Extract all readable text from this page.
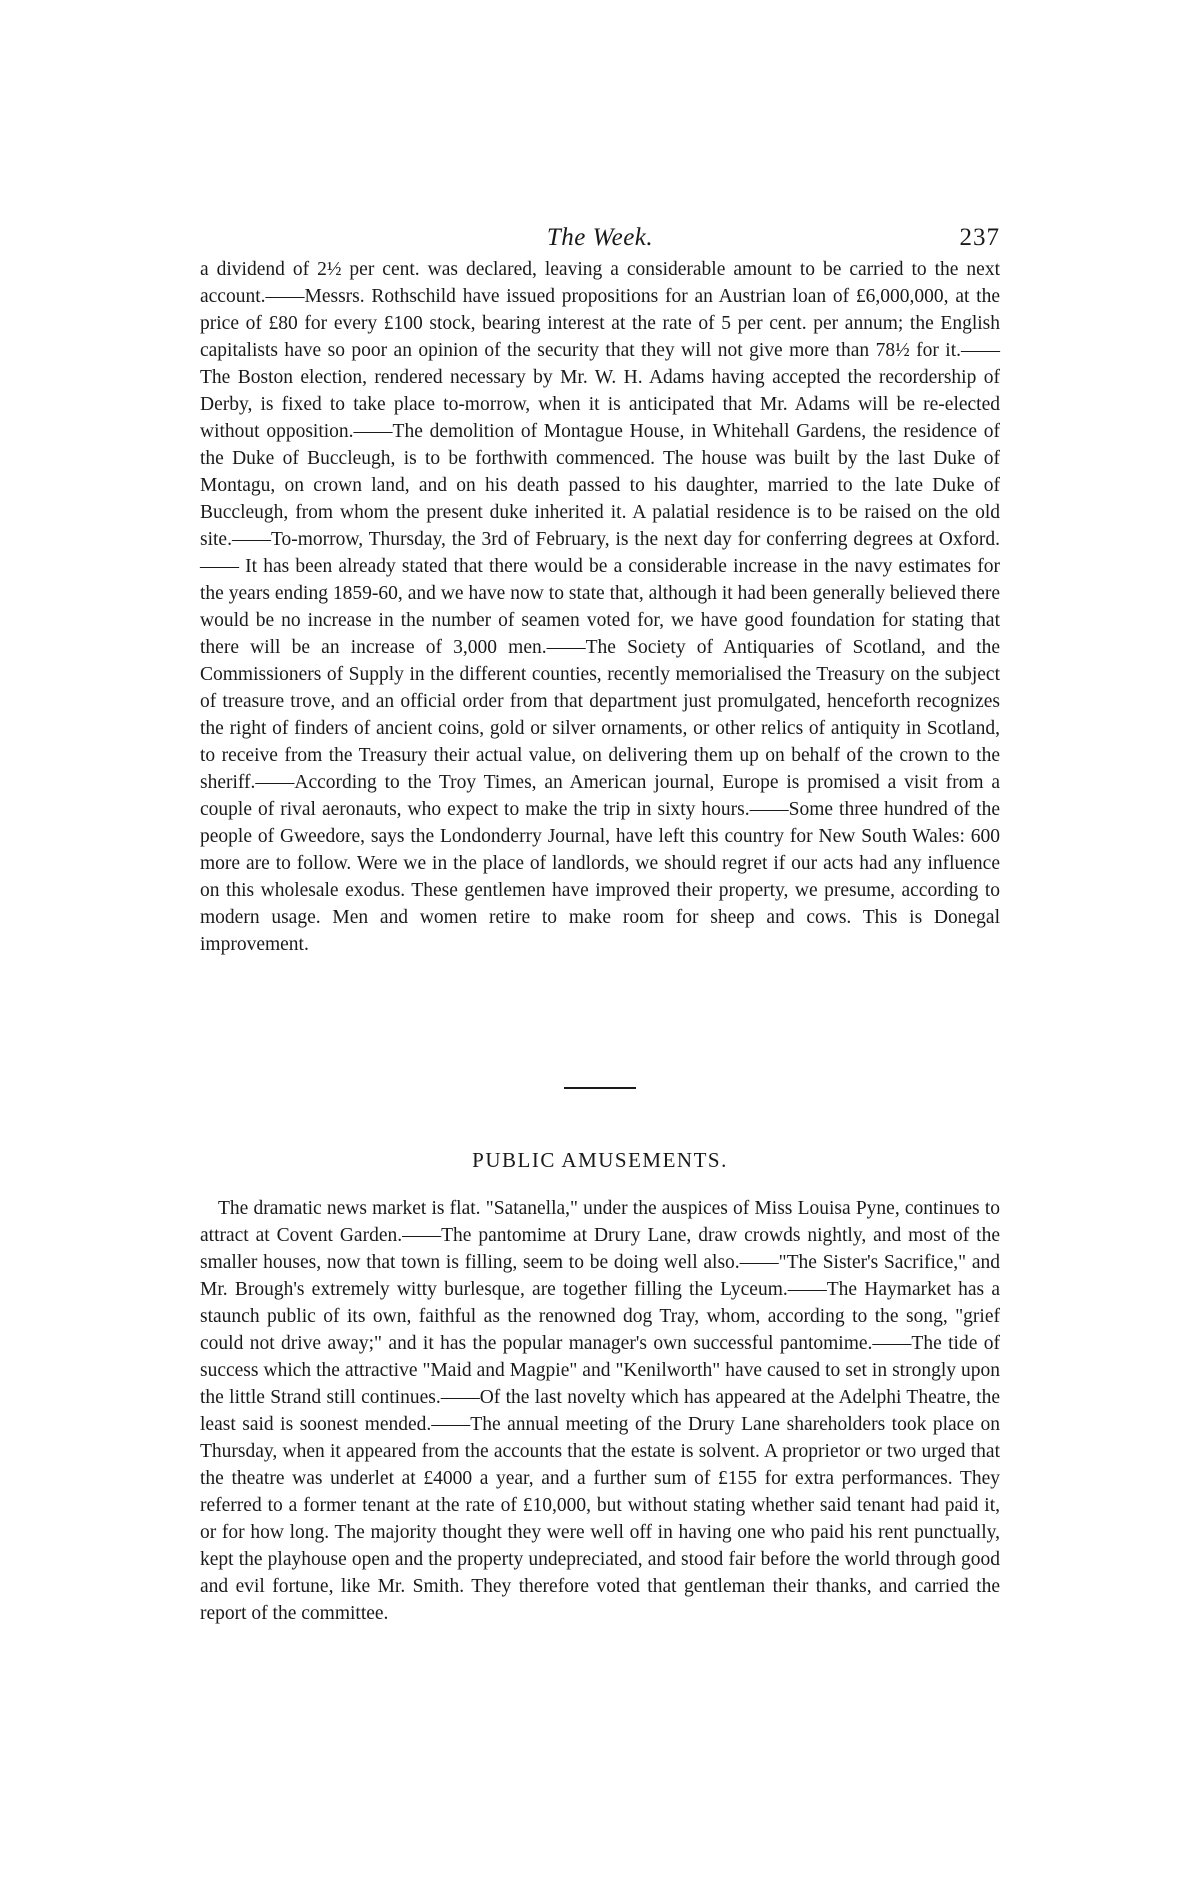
The Week.	237

a dividend of 2½ per cent. was declared, leaving a considerable amount to be carried to the next account.——Messrs. Rothschild have issued propositions for an Austrian loan of £6,000,000, at the price of £80 for every £100 stock, bearing interest at the rate of 5 per cent. per annum; the English capitalists have so poor an opinion of the security that they will not give more than 78½ for it.——The Boston election, rendered necessary by Mr. W. H. Adams having accepted the recordership of Derby, is fixed to take place to-morrow, when it is anticipated that Mr. Adams will be re-elected without opposition.——The demolition of Montague House, in Whitehall Gardens, the residence of the Duke of Buccleugh, is to be forthwith commenced. The house was built by the last Duke of Montagu, on crown land, and on his death passed to his daughter, married to the late Duke of Buccleugh, from whom the present duke inherited it. A palatial residence is to be raised on the old site.——To-morrow, Thursday, the 3rd of February, is the next day for conferring degrees at Oxford.—— It has been already stated that there would be a considerable increase in the navy estimates for the years ending 1859-60, and we have now to state that, although it had been generally believed there would be no increase in the number of seamen voted for, we have good foundation for stating that there will be an increase of 3,000 men.——The Society of Antiquaries of Scotland, and the Commissioners of Supply in the different counties, recently memorialised the Treasury on the subject of treasure trove, and an official order from that department just promulgated, henceforth recognizes the right of finders of ancient coins, gold or silver ornaments, or other relics of antiquity in Scotland, to receive from the Treasury their actual value, on delivering them up on behalf of the crown to the sheriff.——According to the Troy Times, an American journal, Europe is promised a visit from a couple of rival aeronauts, who expect to make the trip in sixty hours.——Some three hundred of the people of Gweedore, says the Londonderry Journal, have left this country for New South Wales: 600 more are to follow. Were we in the place of landlords, we should regret if our acts had any influence on this wholesale exodus. These gentlemen have improved their property, we presume, according to modern usage. Men and women retire to make room for sheep and cows. This is Donegal improvement.

PUBLIC AMUSEMENTS.

The dramatic news market is flat. "Satanella," under the auspices of Miss Louisa Pyne, continues to attract at Covent Garden.——The pantomime at Drury Lane, draw crowds nightly, and most of the smaller houses, now that town is filling, seem to be doing well also.——"The Sister's Sacrifice," and Mr. Brough's extremely witty burlesque, are together filling the Lyceum.——The Haymarket has a staunch public of its own, faithful as the renowned dog Tray, whom, according to the song, "grief could not drive away;" and it has the popular manager's own successful pantomime.——The tide of success which the attractive "Maid and Magpie" and "Kenilworth" have caused to set in strongly upon the little Strand still continues.——Of the last novelty which has appeared at the Adelphi Theatre, the least said is soonest mended.——The annual meeting of the Drury Lane shareholders took place on Thursday, when it appeared from the accounts that the estate is solvent. A proprietor or two urged that the theatre was underlet at £4000 a year, and a further sum of £155 for extra performances. They referred to a former tenant at the rate of £10,000, but without stating whether said tenant had paid it, or for how long. The majority thought they were well off in having one who paid his rent punctually, kept the playhouse open and the property undepreciated, and stood fair before the world through good and evil fortune, like Mr. Smith. They therefore voted that gentleman their thanks, and carried the report of the committee.
